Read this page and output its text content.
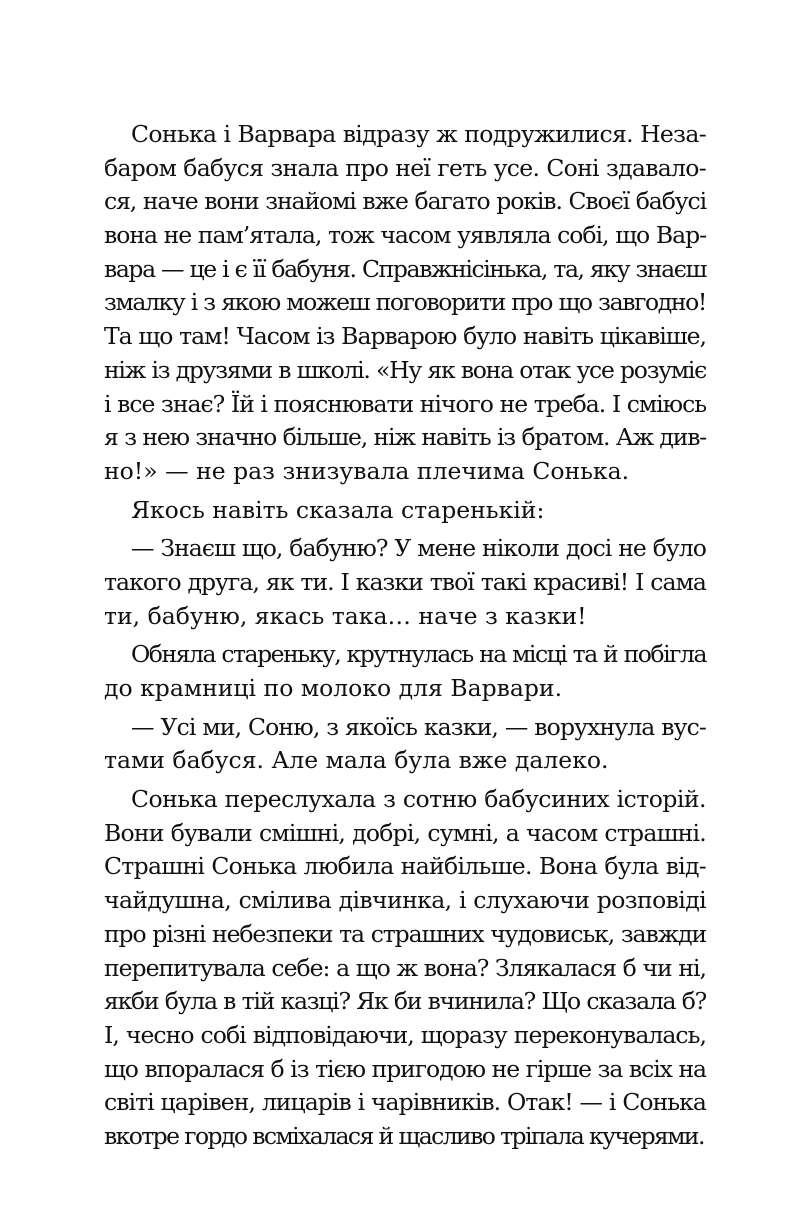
Сонька і Варвара відразу ж подружилися. Неза-
баром бабуся знала про неї геть усе. Соні здавало-
ся, наче вони знайомі вже багато років. Своєї бабусі
вона не пам’ятала, тож часом уявляла собі, що Вар-
вара — це і є її бабуня. Справжнісінька, та, яку знаєш
змалку і з якою можеш поговорити про що завгодно!
Та що там! Часом із Варварою було навіть цікавіше,
ніж із друзями в школі. «Ну як вона отак усе розуміє
і все знає? Їй і пояснювати нічого не треба. І сміюсь
я з нею значно більше, ніж навіть із братом. Аж див-
но!» — не раз знизувала плечима Сонька.
Якось навіть сказала старенькій:
— Знаєш що, бабуню? У мене ніколи досі не було
такого друга, як ти. І казки твої такі красиві! І сама
ти, бабуню, якась така… наче з казки!
Обняла стареньку, крутнулась на місці та й побігла
до крамниці по молоко для Варвари.
— Усі ми, Соню, з якоїсь казки, — ворухнула вус-
тами бабуся. Але мала була вже далеко.
Сонька переслухала з сотню бабусиних історій.
Вони бували смішні, добрі, сумні, а часом страшні.
Страшні Сонька любила найбільше. Вона була від-
чайдушна, смілива дівчинка, і слухаючи розповіді
про різні небезпеки та страшних чудовиськ, завжди
перепитувала себе: а що ж вона? Злякалася б чи ні,
якби була в тій казці? Як би вчинила? Що сказала б?
І, чесно собі відповідаючи, щоразу переконувалась,
що впоралася б із тією пригодою не гірше за всіх на
світі царівен, лицарів і чарівників. Отак! — і Сонька
вкотре гордо всміхалася й щасливо тріпала кучерями.
